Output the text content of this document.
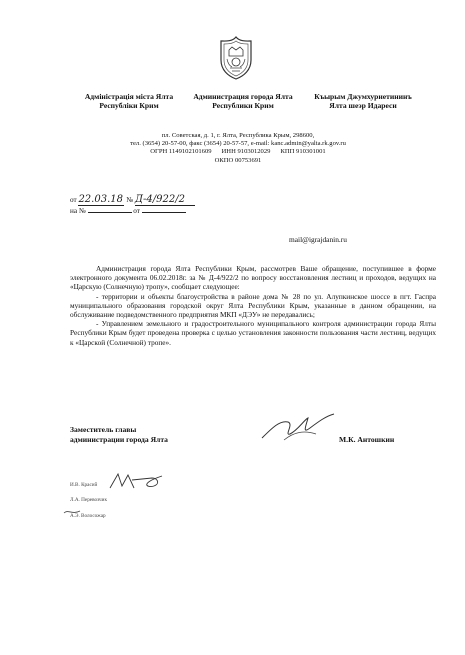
Адміністрація міста Ялта
Республіки Крим
Администрация города Ялта
Республики Крим
Къырым Джумхуриетининъ
Ялта шеэр Идареси
пл. Советская, д. 1, г. Ялта, Республика Крым, 298600,
тел. (3654) 20-57-00, факс (3654) 20-57-57, e-mail: kanc.admin@yalta.rk.gov.ru
ОГРН 1149102101609 ИНН 9103012029 КПП 910301001
ОКПО 00753691
от 22.03.18 № Д-4/922/2
на №	от
mail@igrajdanin.ru

Администрация города Ялта Республики Крым, рассмотрев Ваше обращение, поступившее в форме электронного документа 06.02.2018г. за № Д-4/922/2 по вопросу восстановления лестниц и проходов, ведущих на «Царскую (Солнечную) тропу», сообщает следующее:

- территории и объекты благоустройства в районе дома № 28 по ул. Алупкинское шоссе в пгт. Гаспра муниципального образования городской округ Ялта Республики Крым, указанные в данном обращении, на обслуживание подведомственного предприятия МКП «ДЭУ» не передавались;

- Управлением земельного и градостроительного муниципального контроля администрации города Ялты Республики Крым будет проведена проверка с целью установления законности пользования части лестниц, ведущих к «Царской (Солнечной) тропе».

Заместитель главы
администрации города Ялта	М.К. Антошкин
И.В. Красий
Л.А. Перевозчик
А.Э. Волосожар
